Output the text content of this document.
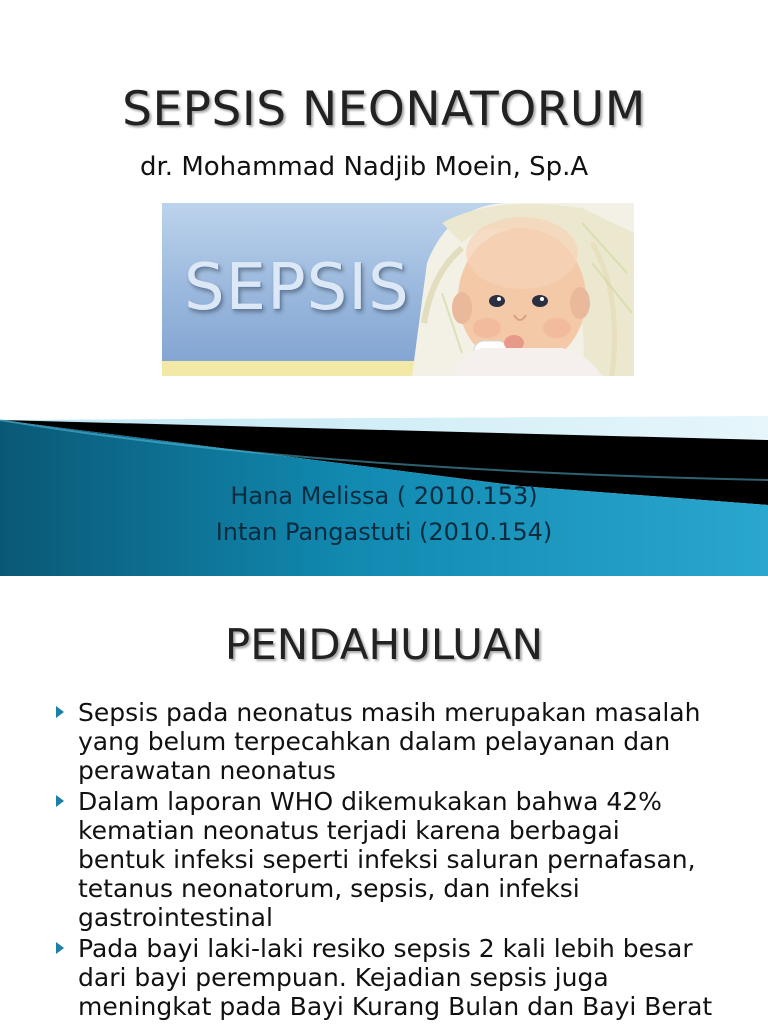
SEPSIS NEONATORUM
dr. Mohammad Nadjib Moein, Sp.A
SEPSIS
Hana Melissa ( 2010.153)
Intan Pangastuti (2010.154)
PENDAHULUAN
Sepsis pada neonatus masih merupakan masalah
yang belum terpecahkan dalam pelayanan dan
perawatan neonatus
Dalam laporan WHO dikemukakan bahwa 42%
kematian neonatus terjadi karena berbagai
bentuk infeksi seperti infeksi saluran pernafasan,
tetanus neonatorum, sepsis, dan infeksi
gastrointestinal
Pada bayi laki-laki resiko sepsis 2 kali lebih besar
dari bayi perempuan. Kejadian sepsis juga
meningkat pada Bayi Kurang Bulan dan Bayi Berat
